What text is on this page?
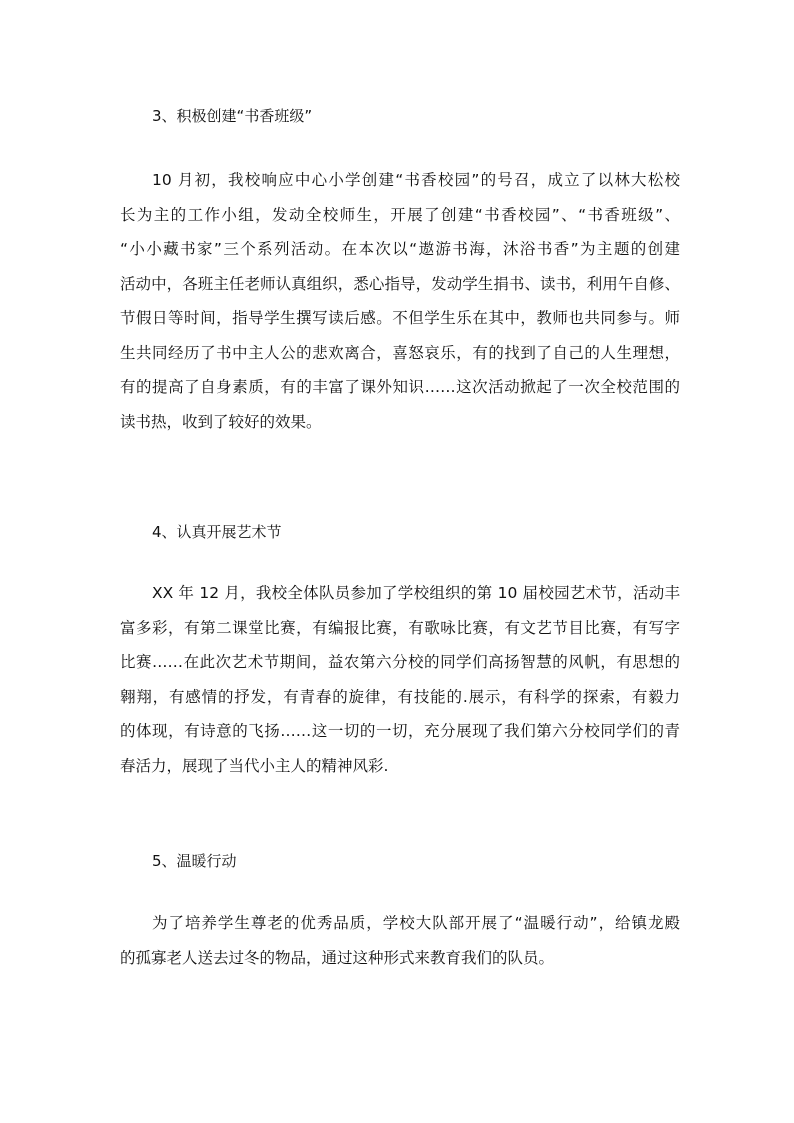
3、积极创建“书香班级”
10 月初，我校响应中心小学创建“书香校园”的号召，成立了以林大松校
长为主的工作小组，发动全校师生，开展了创建“书香校园”、“书香班级”、
“小小藏书家”三个系列活动。在本次以“遨游书海，沐浴书香”为主题的创建
活动中，各班主任老师认真组织，悉心指导，发动学生捐书、读书，利用午自修、
节假日等时间，指导学生撰写读后感。不但学生乐在其中，教师也共同参与。师
生共同经历了书中主人公的悲欢离合，喜怒哀乐，有的找到了自己的人生理想，
有的提高了自身素质，有的丰富了课外知识……这次活动掀起了一次全校范围的
读书热，收到了较好的效果。
4、认真开展艺术节
XX 年 12 月，我校全体队员参加了学校组织的第 10 届校园艺术节，活动丰
富多彩，有第二课堂比赛，有编报比赛，有歌咏比赛，有文艺节目比赛，有写字
比赛……在此次艺术节期间，益农第六分校的同学们高扬智慧的风帆，有思想的
翱翔，有感情的抒发，有青春的旋律，有技能的.展示，有科学的探索，有毅力
的体现，有诗意的飞扬……这一切的一切，充分展现了我们第六分校同学们的青
春活力，展现了当代小主人的精神风彩.
5、温暖行动
为了培养学生尊老的优秀品质，学校大队部开展了“温暖行动”，给镇龙殿
的孤寡老人送去过冬的物品，通过这种形式来教育我们的队员。
